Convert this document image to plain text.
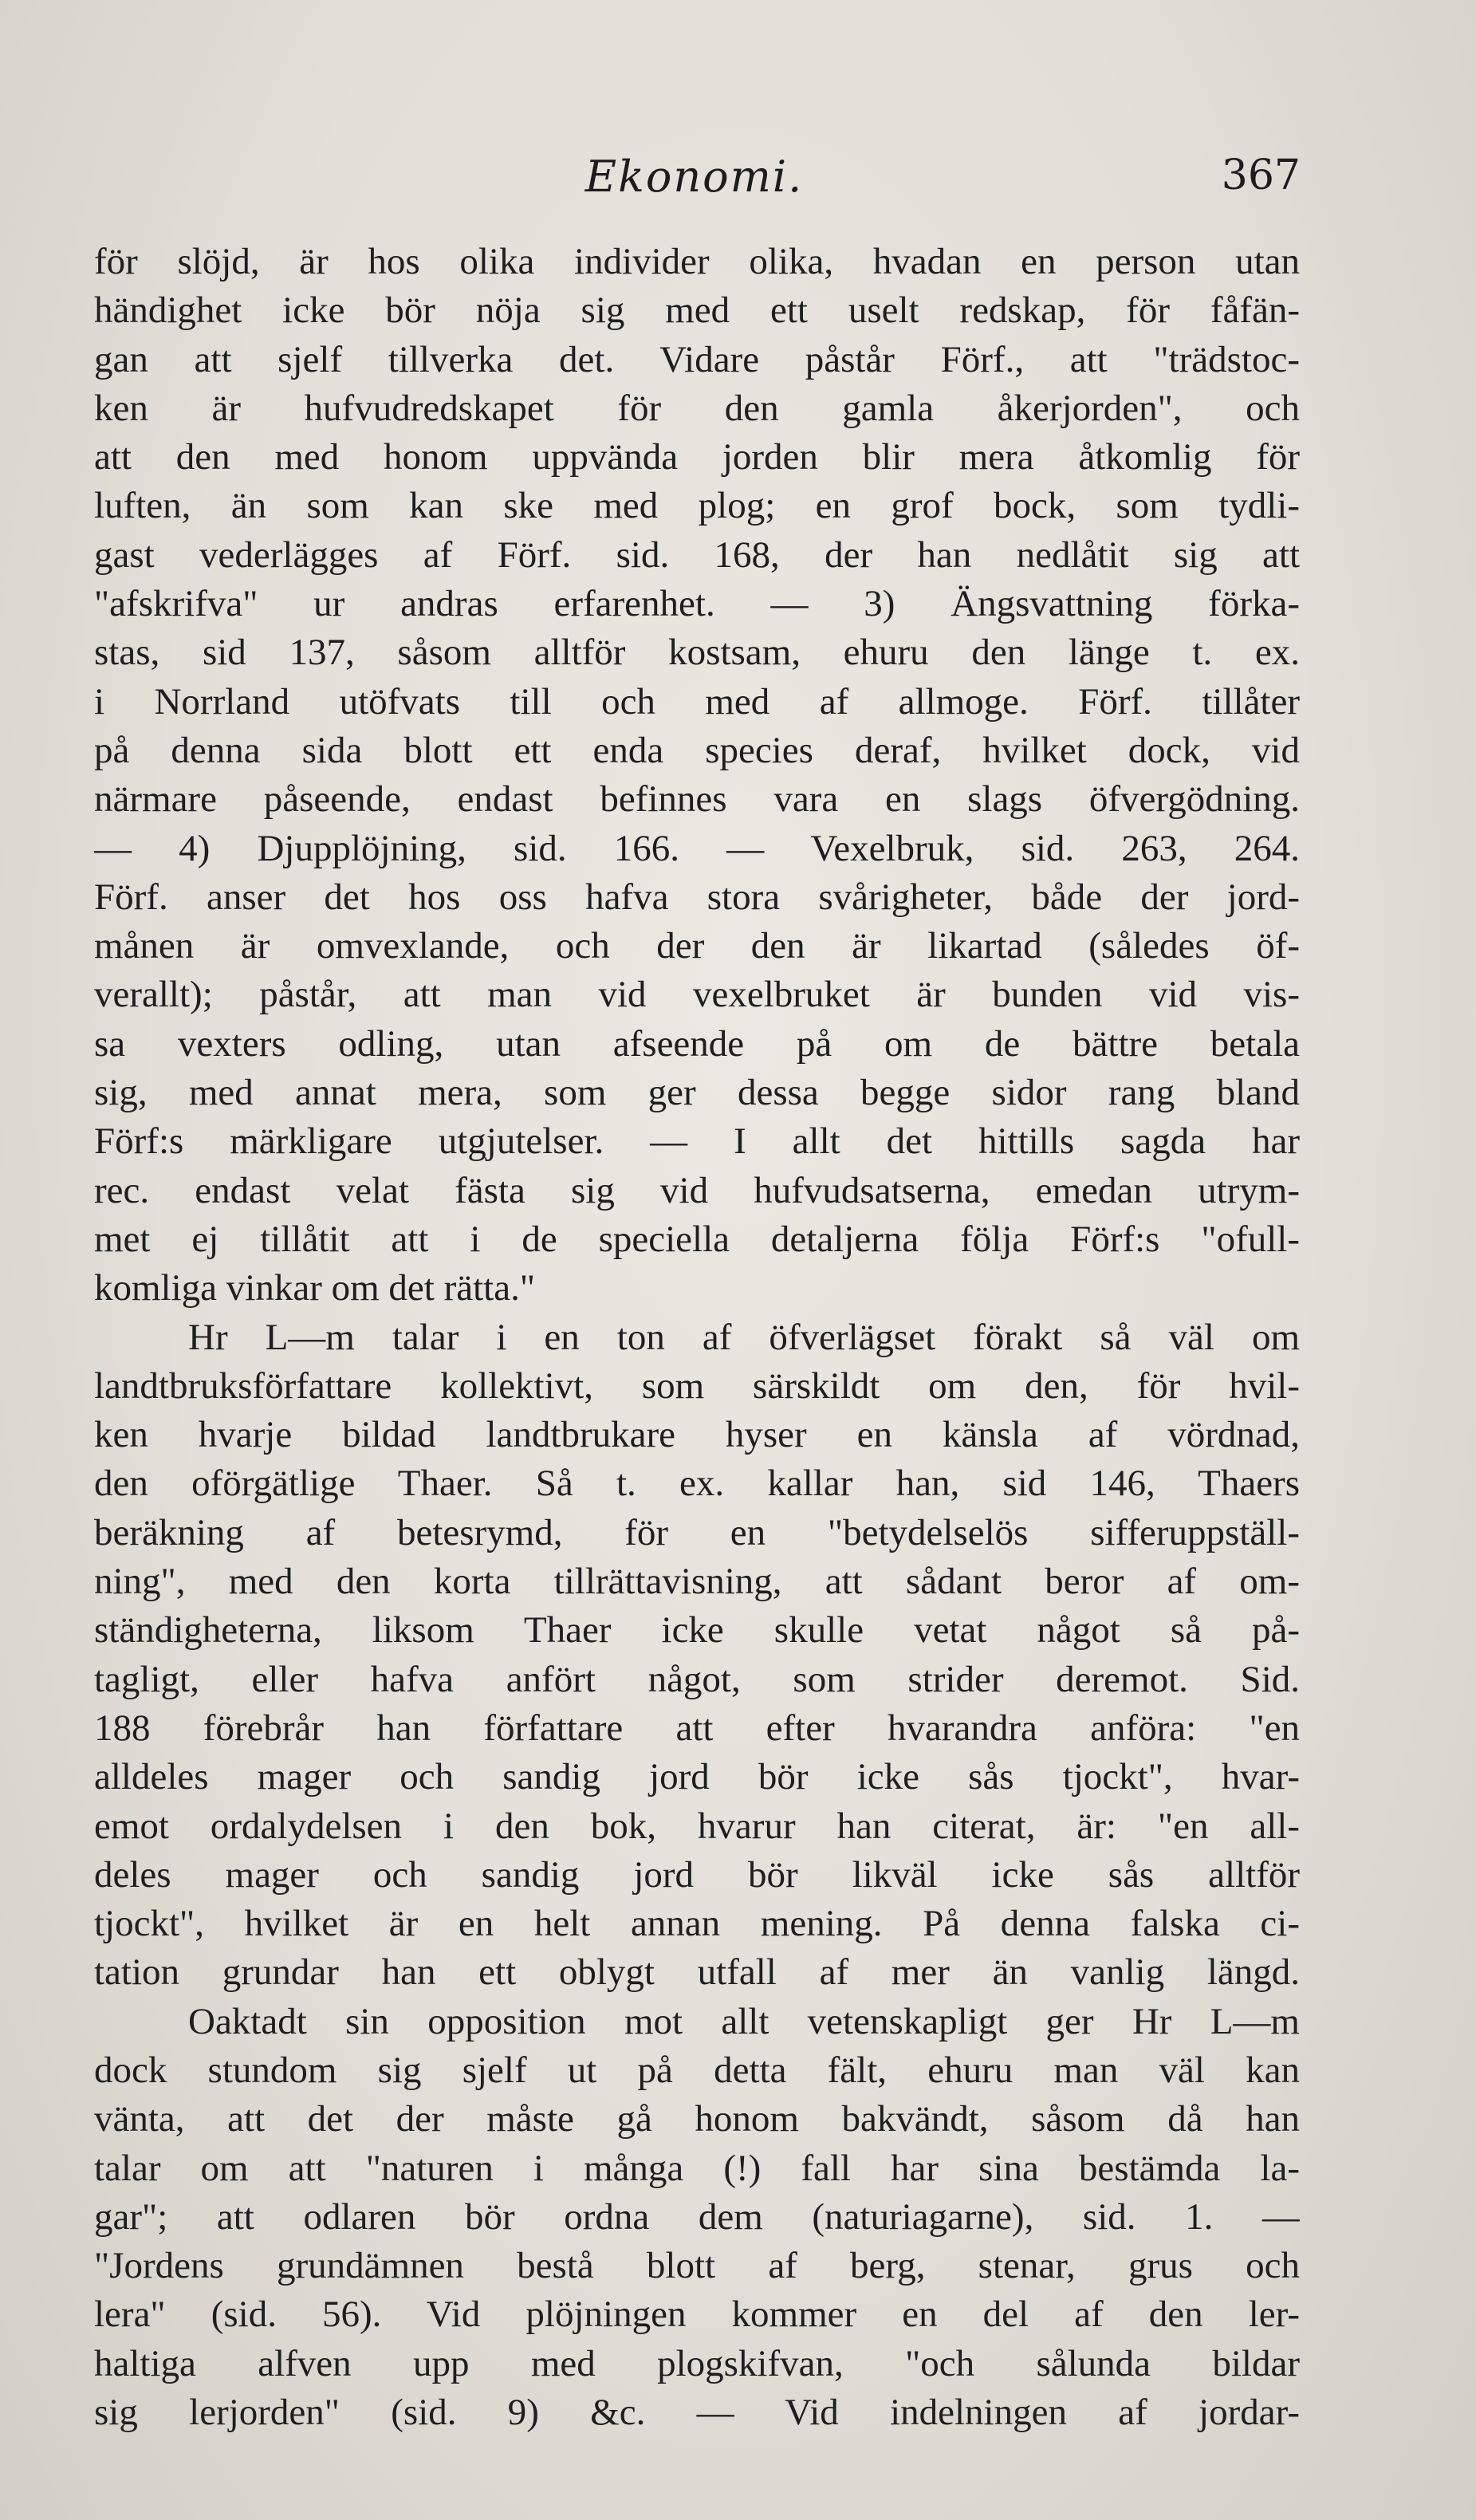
Ekonomi.	367
för slöjd, är hos olika individer olika, hvadan en person utan
händighet icke bör nöja sig med ett uselt redskap, för fåfän-
gan att sjelf tillverka det. Vidare påstår Förf., att "trädstoc-
ken är hufvudredskapet för den gamla åkerjorden", och
att den med honom uppvända jorden blir mera åtkomlig för
luften, än som kan ske med plog; en grof bock, som tydli-
gast vederlägges af Förf. sid. 168, der han nedlåtit sig att
"afskrifva" ur andras erfarenhet. — 3) Ängsvattning förka-
stas, sid 137, såsom alltför kostsam, ehuru den länge t. ex.
i Norrland utöfvats till och med af allmoge. Förf. tillåter
på denna sida blott ett enda species deraf, hvilket dock, vid
närmare påseende, endast befinnes vara en slags öfvergödning.
— 4) Djupplöjning, sid. 166. — Vexelbruk, sid. 263, 264.
Förf. anser det hos oss hafva stora svårigheter, både der jord-
månen är omvexlande, och der den är likartad (således öf-
verallt); påstår, att man vid vexelbruket är bunden vid vis-
sa vexters odling, utan afseende på om de bättre betala
sig, med annat mera, som ger dessa begge sidor rang bland
Förf:s märkligare utgjutelser. — I allt det hittills sagda har
rec. endast velat fästa sig vid hufvudsatserna, emedan utrym-
met ej tillåtit att i de speciella detaljerna följa Förf:s "ofull-
komliga vinkar om det rätta."
Hr L—m talar i en ton af öfverlägset förakt så väl om
landtbruksförfattare kollektivt, som särskildt om den, för hvil-
ken hvarje bildad landtbrukare hyser en känsla af vördnad,
den oförgätlige Thaer. Så t. ex. kallar han, sid 146, Thaers
beräkning af betesrymd, för en "betydelselös sifferuppställ-
ning", med den korta tillrättavisning, att sådant beror af om-
ständigheterna, liksom Thaer icke skulle vetat något så på-
tagligt, eller hafva anfört något, som strider deremot. Sid.
188 förebrår han författare att efter hvarandra anföra: "en
alldeles mager och sandig jord bör icke sås tjockt", hvar-
emot ordalydelsen i den bok, hvarur han citerat, är: "en all-
deles mager och sandig jord bör likväl icke sås alltför
tjockt", hvilket är en helt annan mening. På denna falska ci-
tation grundar han ett oblygt utfall af mer än vanlig längd.
Oaktadt sin opposition mot allt vetenskapligt ger Hr L—m
dock stundom sig sjelf ut på detta fält, ehuru man väl kan
vänta, att det der måste gå honom bakvändt, såsom då han
talar om att "naturen i många (!) fall har sina bestämda la-
gar"; att odlaren bör ordna dem (naturiagarne), sid. 1. —
"Jordens grundämnen bestå blott af berg, stenar, grus och
lera" (sid. 56). Vid plöjningen kommer en del af den ler-
haltiga alfven upp med plogskifvan, "och sålunda bildar
sig lerjorden" (sid. 9) &c. — Vid indelningen af jordar-
